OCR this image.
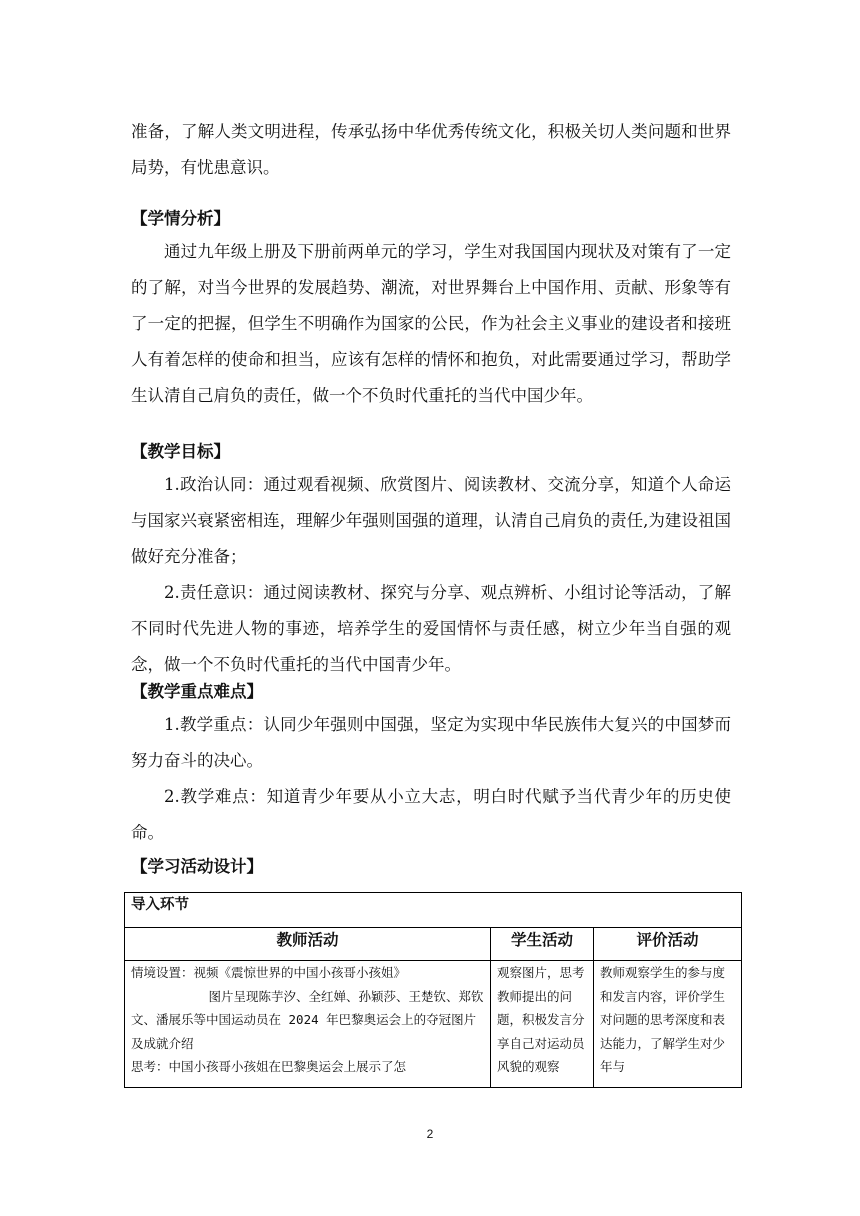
准备，了解人类文明进程，传承弘扬中华优秀传统文化，积极关切人类问题和世界局势，有忧患意识。

【学情分析】

通过九年级上册及下册前两单元的学习，学生对我国国内现状及对策有了一定的了解，对当今世界的发展趋势、潮流，对世界舞台上中国作用、贡献、形象等有了一定的把握，但学生不明确作为国家的公民，作为社会主义事业的建设者和接班人有着怎样的使命和担当，应该有怎样的情怀和抱负，对此需要通过学习，帮助学生认清自己肩负的责任，做一个不负时代重托的当代中国少年。

【教学目标】

1.政治认同：通过观看视频、欣赏图片、阅读教材、交流分享，知道个人命运与国家兴衰紧密相连，理解少年强则国强的道理，认清自己肩负的责任,为建设祖国做好充分准备；

2.责任意识：通过阅读教材、探究与分享、观点辨析、小组讨论等活动，了解不同时代先进人物的事迹，培养学生的爱国情怀与责任感，树立少年当自强的观念，做一个不负时代重托的当代中国青少年。

【教学重点难点】

1.教学重点：认同少年强则中国强，坚定为实现中华民族伟大复兴的中国梦而努力奋斗的决心。

2.教学难点：知道青少年要从小立大志，明白时代赋予当代青少年的历史使命。

【学习活动设计】

导入环节		
教师活动	学生活动	评价活动

情境设置：视频《震惊世界的中国小孩哥小孩姐》

图片呈现陈芋汐、全红婵、孙颖莎、王楚钦、郑钦文、潘展乐等中国运动员在 2024 年巴黎奥运会上的夺冠图片及成就介绍

思考：中国小孩哥小孩姐在巴黎奥运会上展示了怎	观察图片，思考教师提出的问题，积极发言分享自己对运动员风貌的观察	教师观察学生的参与度和发言内容，评价学生对问题的思考深度和表达能力，了解学生对少年与
2
